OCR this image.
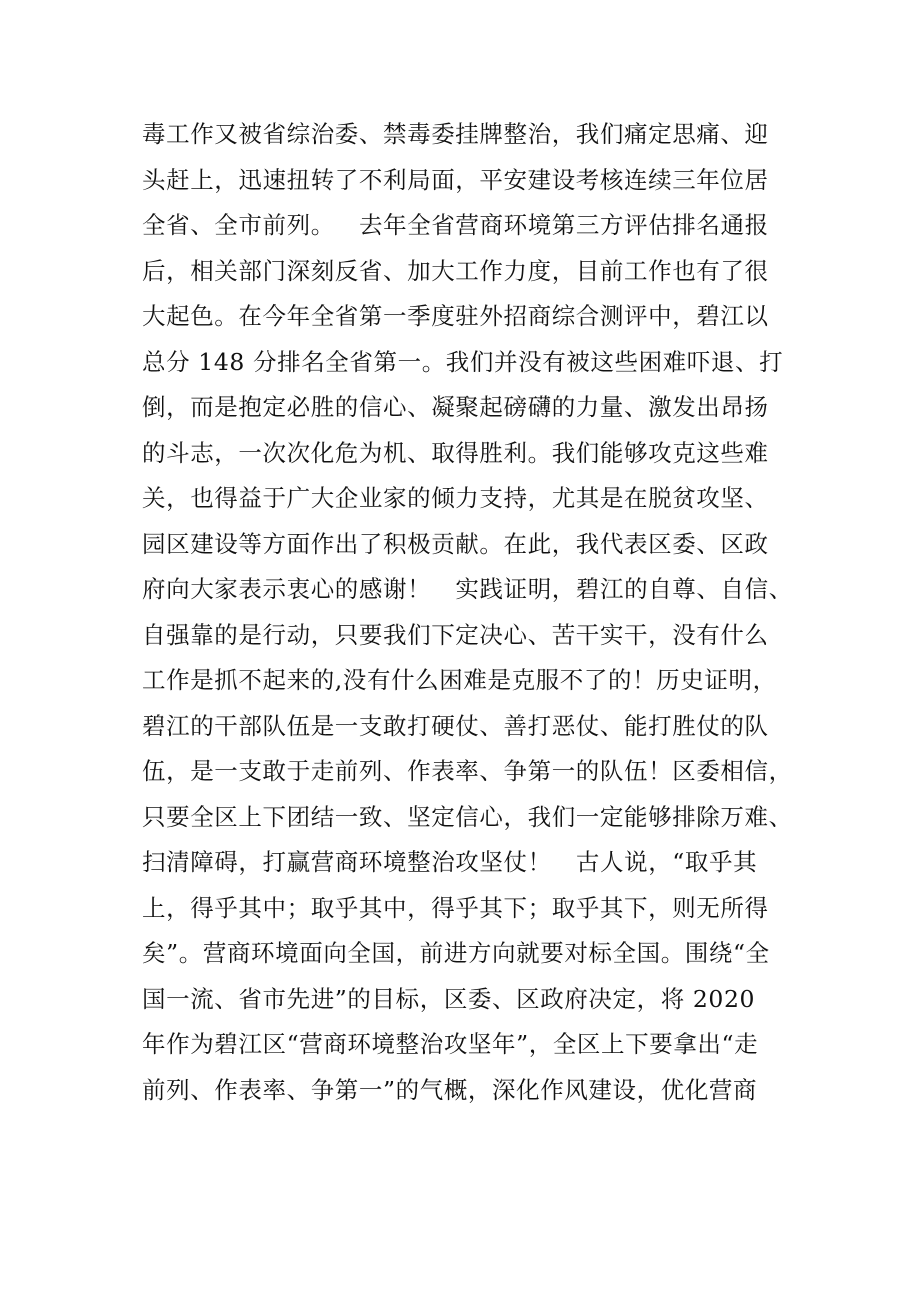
毒工作又被省综治委、禁毒委挂牌整治，我们痛定思痛、迎
头赶上，迅速扭转了不利局面，平安建设考核连续三年位居
全省、全市前列。   去年全省营商环境第三方评估排名通报
后，相关部门深刻反省、加大工作力度，目前工作也有了很
大起色。在今年全省第一季度驻外招商综合测评中，碧江以
总分 148 分排名全省第一。我们并没有被这些困难吓退、打
倒，而是抱定必胜的信心、凝聚起磅礴的力量、激发出昂扬
的斗志，一次次化危为机、取得胜利。我们能够攻克这些难
关，也得益于广大企业家的倾力支持，尤其是在脱贫攻坚、
园区建设等方面作出了积极贡献。在此，我代表区委、区政
府向大家表示衷心的感谢！   实践证明，碧江的自尊、自信、
自强靠的是行动，只要我们下定决心、苦干实干，没有什么
工作是抓不起来的,没有什么困难是克服不了的！历史证明，
碧江的干部队伍是一支敢打硬仗、善打恶仗、能打胜仗的队
伍，是一支敢于走前列、作表率、争第一的队伍！区委相信，
只要全区上下团结一致、坚定信心，我们一定能够排除万难、
扫清障碍，打赢营商环境整治攻坚仗！   古人说，“取乎其
上，得乎其中；取乎其中，得乎其下；取乎其下，则无所得
矣”。营商环境面向全国，前进方向就要对标全国。围绕“全
国一流、省市先进”的目标，区委、区政府决定，将 2020
年作为碧江区“营商环境整治攻坚年”，全区上下要拿出“走
前列、作表率、争第一”的气概，深化作风建设，优化营商
